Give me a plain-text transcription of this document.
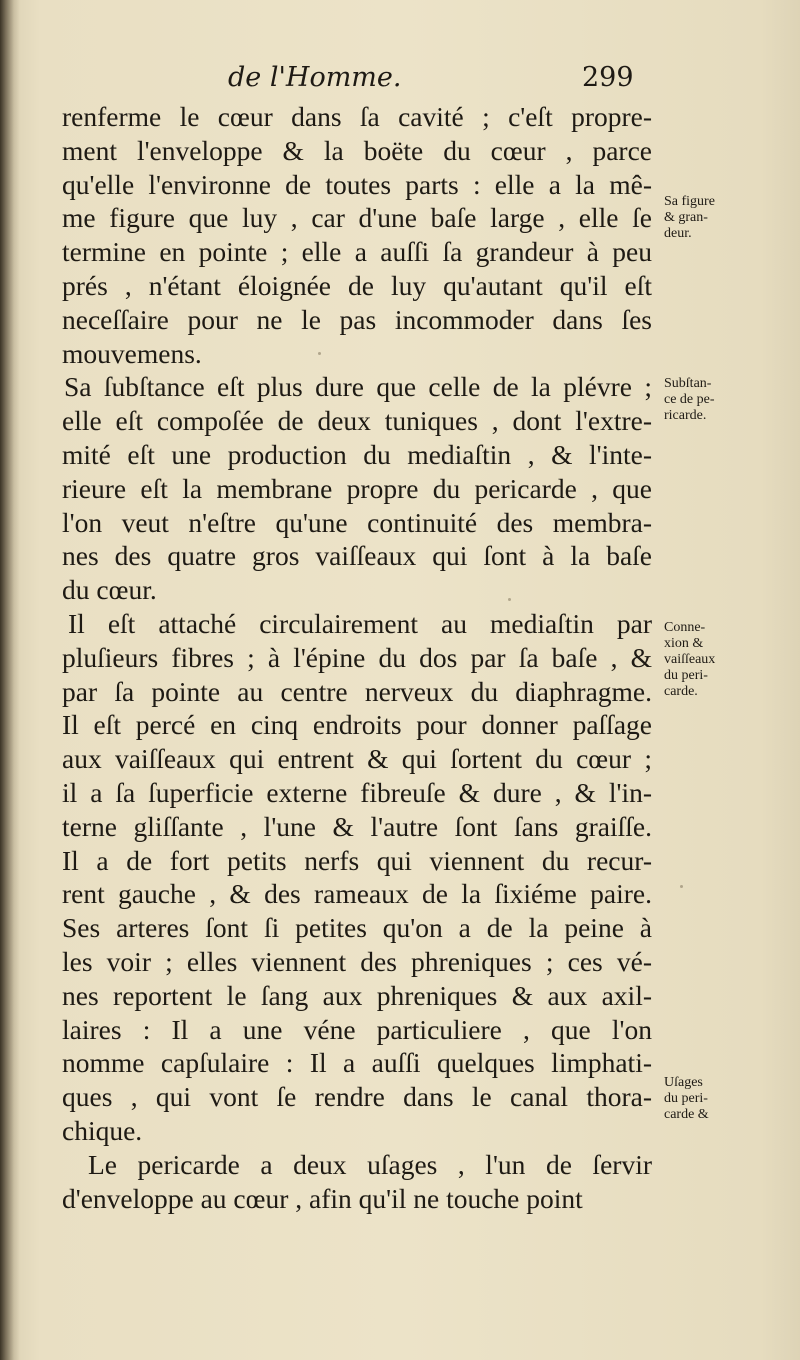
de l'Homme.	299
renferme le cœur dans ſa cavité ; c'eſt propre-
ment l'enveloppe & la boëte du cœur , parce
qu'elle l'environne de toutes parts : elle a la mê-
me figure que luy , car d'une baſe large , elle ſe
termine en pointe ; elle a auſſi ſa grandeur à peu
prés , n'étant éloignée de luy qu'autant qu'il eſt
neceſſaire pour ne le pas incommoder dans ſes
mouvemens.
Sa ſubſtance eſt plus dure que celle de la plévre ;
elle eſt compoſée de deux tuniques , dont l'extre-
mité eſt une production du mediaſtin , & l'inte-
rieure eſt la membrane propre du pericarde , que
l'on veut n'eſtre qu'une continuité des membra-
nes des quatre gros vaiſſeaux qui ſont à la baſe
du cœur.
Il eſt attaché circulairement au mediaſtin par
pluſieurs fibres ; à l'épine du dos par ſa baſe , &
par ſa pointe au centre nerveux du diaphragme.
Il eſt percé en cinq endroits pour donner paſſage
aux vaiſſeaux qui entrent & qui ſortent du cœur ;
il a ſa ſuperficie externe fibreuſe & dure , & l'in-
terne gliſſante , l'une & l'autre ſont ſans graiſſe.
Il a de fort petits nerfs qui viennent du recur-
rent gauche , & des rameaux de la ſixiéme paire.
Ses arteres ſont ſi petites qu'on a de la peine à
les voir ; elles viennent des phreniques ; ces vé-
nes reportent le ſang aux phreniques & aux axil-
laires : Il a une véne particuliere , que l'on
nomme capſulaire : Il a auſſi quelques limphati-
ques , qui vont ſe rendre dans le canal thora-
chique.
Le pericarde a deux uſages , l'un de ſervir
d'enveloppe au cœur , afin qu'il ne touche point
Sa figure
& gran-
deur.
Subſtan-
ce de pe-
ricarde.
Conne-
xion &
vaiſſeaux
du peri-
carde.
Uſages
du peri-
carde &
